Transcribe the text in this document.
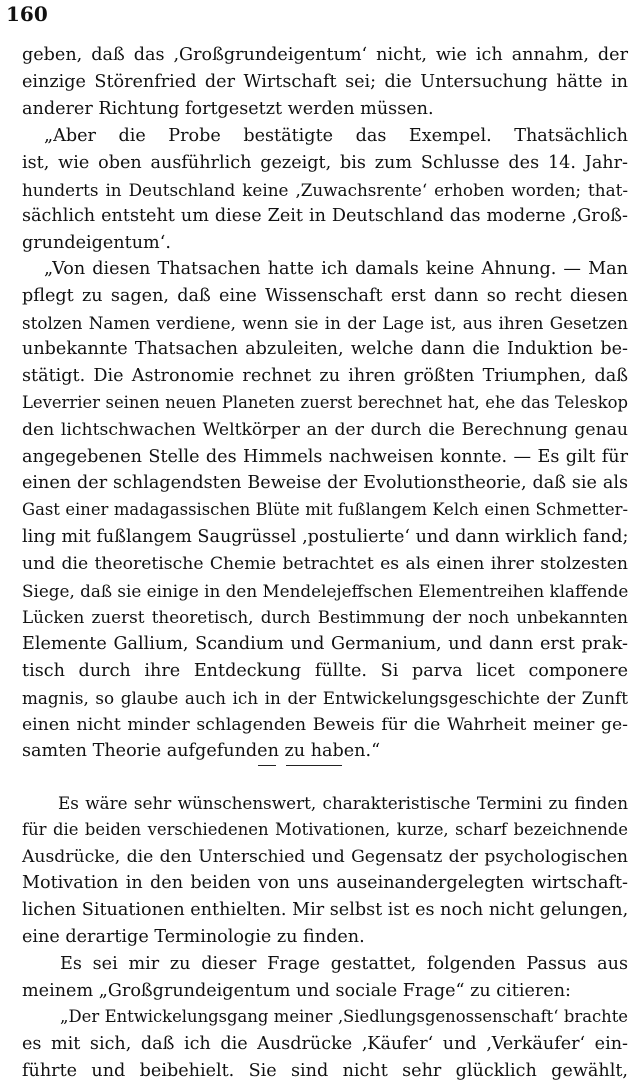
160
geben, daß das ‚Großgrundeigentum‘ nicht, wie ich annahm, der
einzige Störenfried der Wirtschaft sei; die Untersuchung hätte in
anderer Richtung fortgesetzt werden müssen.
„Aber die Probe bestätigte das Exempel. Thatsächlich
ist, wie oben ausführlich gezeigt, bis zum Schlusse des 14. Jahr-
hunderts in Deutschland keine ‚Zuwachsrente‘ erhoben worden; that-
sächlich entsteht um diese Zeit in Deutschland das moderne ‚Groß-
grundeigentum‘.
„Von diesen Thatsachen hatte ich damals keine Ahnung. — Man
pflegt zu sagen, daß eine Wissenschaft erst dann so recht diesen
stolzen Namen verdiene, wenn sie in der Lage ist, aus ihren Gesetzen
unbekannte Thatsachen abzuleiten, welche dann die Induktion be-
stätigt. Die Astronomie rechnet zu ihren größten Triumphen, daß
Leverrier seinen neuen Planeten zuerst berechnet hat, ehe das Teleskop
den lichtschwachen Weltkörper an der durch die Berechnung genau
angegebenen Stelle des Himmels nachweisen konnte. — Es gilt für
einen der schlagendsten Beweise der Evolutionstheorie, daß sie als
Gast einer madagassischen Blüte mit fußlangem Kelch einen Schmetter-
ling mit fußlangem Saugrüssel ‚postulierte‘ und dann wirklich fand;
und die theoretische Chemie betrachtet es als einen ihrer stolzesten
Siege, daß sie einige in den Mendelejeffschen Elementreihen klaffende
Lücken zuerst theoretisch, durch Bestimmung der noch unbekannten
Elemente Gallium, Scandium und Germanium, und dann erst prak-
tisch durch ihre Entdeckung füllte. Si parva licet componere
magnis, so glaube auch ich in der Entwickelungsgeschichte der Zunft
einen nicht minder schlagenden Beweis für die Wahrheit meiner ge-
samten Theorie aufgefunden zu haben.“
Es wäre sehr wünschenswert, charakteristische Termini zu finden
für die beiden verschiedenen Motivationen, kurze, scharf bezeichnende
Ausdrücke, die den Unterschied und Gegensatz der psychologischen
Motivation in den beiden von uns auseinandergelegten wirtschaft-
lichen Situationen enthielten. Mir selbst ist es noch nicht gelungen,
eine derartige Terminologie zu finden.
Es sei mir zu dieser Frage gestattet, folgenden Passus aus
meinem „Großgrundeigentum und sociale Frage“ zu citieren:
„Der Entwickelungsgang meiner ‚Siedlungsgenossenschaft‘ brachte
es mit sich, daß ich die Ausdrücke ‚Käufer‘ und ‚Verkäufer‘ ein-
führte und beibehielt. Sie sind nicht sehr glücklich gewählt,
